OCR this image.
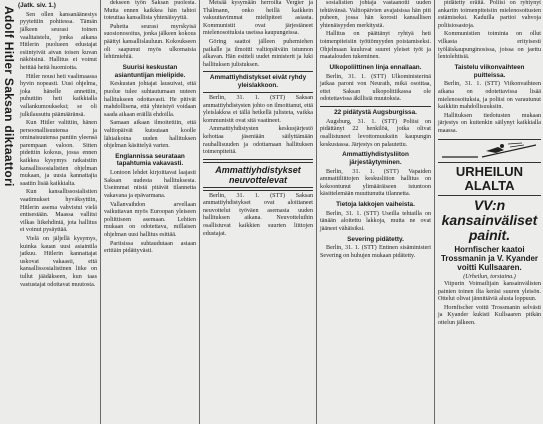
(Jatk. siv. 1.)
Adolf Hitler Saksan diktaattori	Sen ollen kansanäänestys pyytettiin pohtiessa. Tämän jälkeen seurasi toinen vaalitaistelu, jonka aikana Hitlerin puolueen edustajat esiintyivät aivan toisen kuvan näköisinä. Hallitus ei voinut heittää heitä huomiotta.

Hitler nousi heti vaalimaassa hyvin nopeasti. Uusi ohjelma, joka hänelle annettiin, puhuttiin heti kaikkialla vallankumoukseksi; se oli julkilausuttu päämääränsä.

Kun Hitler valittiin, hänen persoonallisuutensa ja ominaisuutensa pantiin yleensä parempaan valoon. Sitten pidettiin kokous, jossa ennen kaikkea kysymys ratkaistiin kansallissosialistien ohjelman mukaan, ja uusia kannattajia saatiin lisää kaikkialta.

Kun kansallissosialistien vaatimukset hyväksyttiin, Hitlerin asema vahvistui vielä entisestään. Maassa vallitsi vilkas liikehdintä, jota hallitus ei voinut pysäyttää.

Vielä on jäljellä kysymys, kuinka kauan uusi asiaintila jatkuu. Hitlerin kannattajat uskovat vakaasti, että kansallissosialistinen liike on tullut jäädäkseen, kun taas vastustajat odottavat muutosta.

dekseen työn Saksan puolesta. Mutta ennen kaikkea hän tahtoi toteuttaa kansallista yhtenäisyyttä.

Puhetta seurasi myrskyisä suosionosoitus, jonka jälkeen kokous päättyi kansallislauluun. Kokoukseen oli saapunut myös ulkomaisia lehtimiehiä.

Suurisi keskustan asiantuntijan mielipide.

Keskustan johtajat lausuivat, että puolue tulee suhtautumaan uuteen hallitukseen odottavasti. He pitivät mahdollisena, että yhteistyö voidaan saada aikaan eräillä ehdoilla.

Samaan aikaan ilmoitettiin, että valtiopäivät kutsutaan koolle lähiaikoina uuden hallituksen ohjelman käsittelyä varten.

Englannissa seurataan tapahtumia vakavasti.

Lontoon lehdet kirjoittavat laajasti Saksan uudesta hallituksesta. Useimmat niistä pitävät tilannetta vakavana ja epävarmana.

Vallanvaihdon arvellaan vaikuttavan myös Euroopan yleiseen poliittiseen asemaan. Lehtien mukaan on odotettava, millaisen ohjelman uusi hallitus esittää.

Pariisissa suhtaudutaan asiaan erittäin pidättyvästi.

Metsää kysymään herroilta Vergier ja Thälmann, onko heillä kaikkein vakuuttavimmat mielipiteet asiasta. Kommunistit ovat järjestäneet mielenosoituksia useissa kaupungeissa.

Göring saattoi jälleen puhemiehen paikalle ja ilmoitti valtiopäiväin istunnon alkavan. Hän esitteli uudet ministerit ja luki hallituksen julistuksen.

Ammattiyhdistykset eivät ryhdy yleislakkoon.

Berlin, 31. 1. (STT) Saksan ammattiyhdistysten johto on ilmoittanut, että yleislakkoa ei tällä hetkellä julisteta, vaikka kommunistit ovat sitä vaatineet.

Ammattiyhdistysten keskusjärjestö kehottaa jäseniään säilyttämään rauhallisuuden ja odottamaan hallituksen toimenpiteitä.

Ammattiyhdistykset neuvottelevat

Berlin, 31. 1. (STT) Saksan ammattiyhdistykset ovat aloittaneet neuvottelut työväen asemasta uuden hallituksen aikana. Neuvotteluihin osallistuvat kaikkien suurten liittojen edustajat.

sosialistien johtaja vastaanotti uuden tehtävänsä. Valtiopäivien avajaisissa hän piti puheen, jossa hän korosti kansallisen yhtenäisyyden merkitystä.

Hallitus on päättänyt ryhtyä heti toimenpiteisiin työttömyyden poistamiseksi. Ohjelmaan kuuluvat suuret yleiset työt ja maatalouden tukeminen.

Ulkopoliittinen linja ennallaan.

Berlin, 31. 1. (STT) Ulkoministerinä jatkaa paroni von Neurath, mikä osoittaa, ettei Saksan ulkopolitiikassa ole odotettavissa äkillisiä muutoksia.

22 pidätystä Augsburgissa.

Augsburg, 31. 1. (STT) Poliisi on pidättänyt 22 henkilöä, jotka olivat osallistuneet levottomuuksiin kaupungin keskustassa. Järjestys on palautettu.

Ammattiyhdistysliiton järjestäytyminen.

Berlin, 31. 1. (STT) Vapaiden ammattiliittojen keskusliiton hallitus on kokoontunut ylimääräiseen istuntoon käsittelemään muuttunutta tilannetta.

Tietoja lakkojen vaiheista.

Berlin, 31. 1. (STT) Useilla tehtailla on tänään aloitettu lakkoja, mutta ne ovat jääneet vähäisiksi.

Severing pidätetty.

Berlin, 31. 1. (STT) Entinen sisäministeri Severing on huhujen mukaan pidätetty.

pidätetty eräitä. Poliisi on ryhtynyt ankariin toimenpiteisiin mielenosoitusten estämiseksi. Kaduilla partioi vahvoja poliisiosastoja.

Kommunistien toiminta on ollut vilkasta erityisesti työläiskaupunginosissa, joissa on jaettu lentolehtisiä.

Taistelu viikonvaihteen puitteissa.

Berlin, 31. 1. (STT) Viikonvaihteen aikana on odotettavissa lisää mielenosoituksia, ja poliisi on varautunut kaikkiin mahdollisuuksiin.

Hallituksen tiedotusten mukaan järjestys on kuitenkin säilynyt kaikkialla maassa.

URHEILUN ALALTA
VV:n kansainväliset painit.
Hornfischer kaatoi Trossmanin ja V. Kyander voitti Kullsaaren.
(Urheilun, torstaina.)

Viipurin Voimailijain kansainvälisten painien toinen ilta keräsi suuren yleisön. Ottelut olivat jännittäviä alusta loppuun.

Hornfischer voitti Trossmanin selvästi ja Kyander kukisti Kullsaaren pitkän ottelun jälkeen.
